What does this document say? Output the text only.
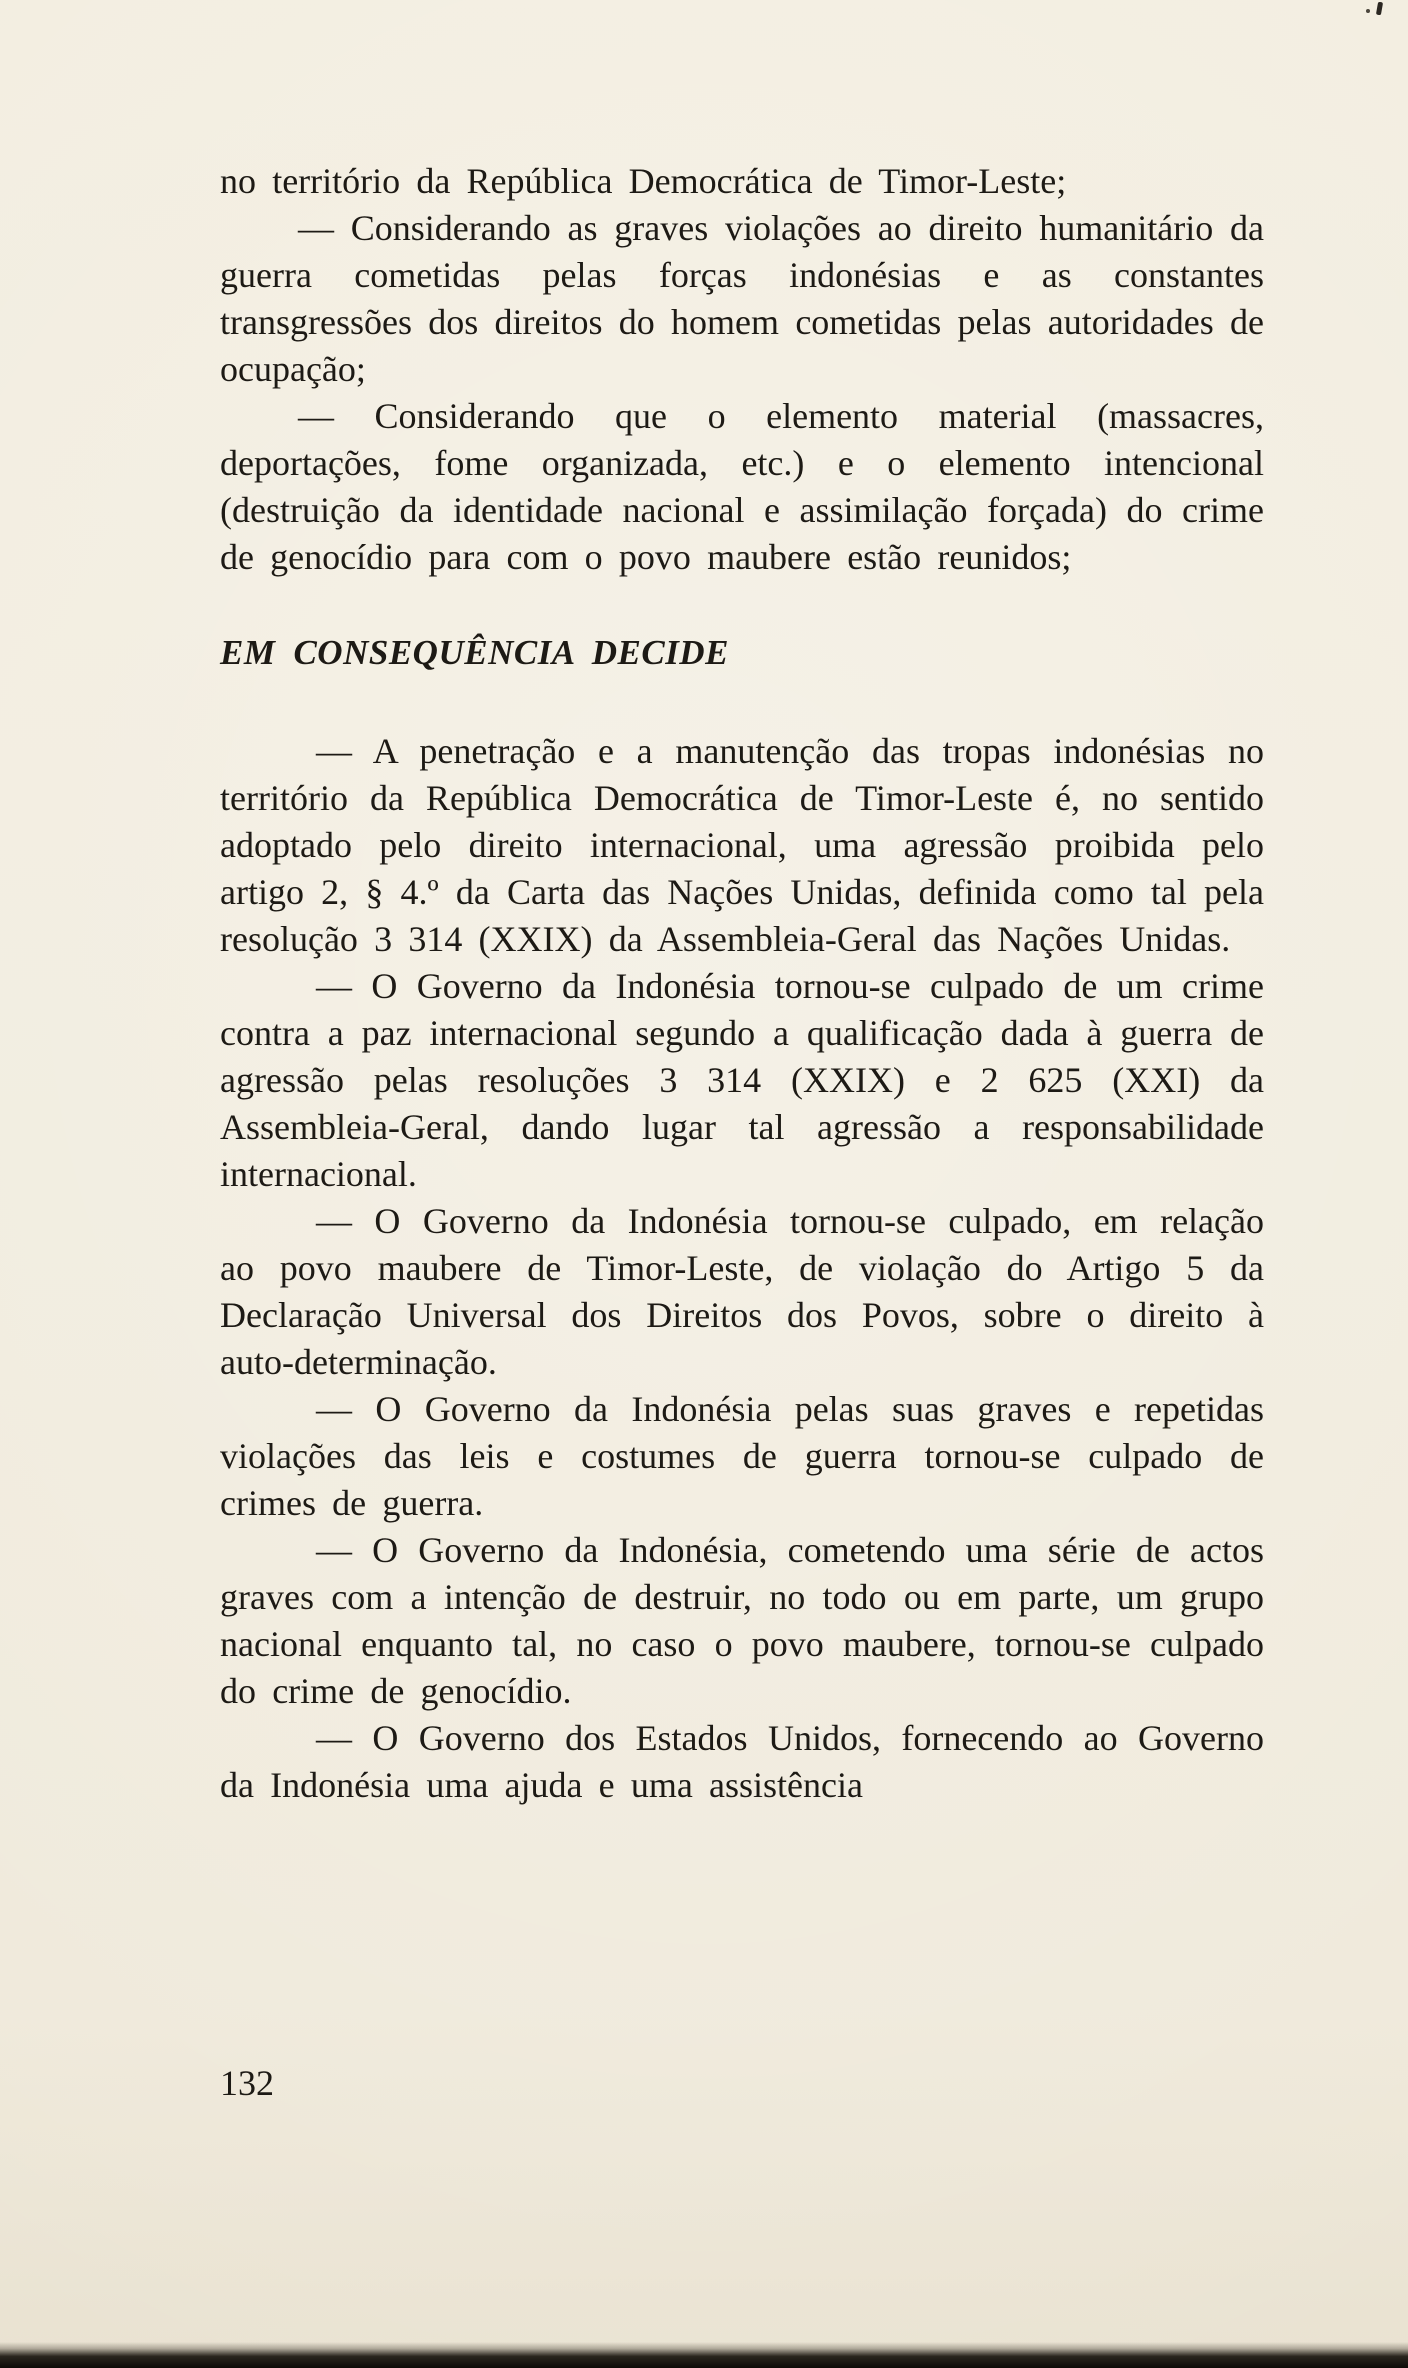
no território da República Democrática de Timor-Leste;

— Considerando as graves violações ao direito humanitário da guerra cometidas pelas forças indonésias e as constantes transgressões dos direitos do homem cometidas pelas autoridades de ocupação;

— Considerando que o elemento material (massacres, deportações, fome organizada, etc.) e o elemento intencional (destruição da identidade nacional e assimilação forçada) do crime de genocídio para com o povo maubere estão reunidos;

EM CONSEQUÊNCIA DECIDE

— A penetração e a manutenção das tropas indonésias no território da República Democrática de Timor-Leste é, no sentido adoptado pelo direito internacional, uma agressão proibida pelo artigo 2, § 4.º da Carta das Nações Unidas, definida como tal pela resolução 3 314 (XXIX) da Assembleia-Geral das Nações Unidas.

— O Governo da Indonésia tornou-se culpado de um crime contra a paz internacional segundo a qualificação dada à guerra de agressão pelas resoluções 3 314 (XXIX) e 2 625 (XXI) da Assembleia-Geral, dando lugar tal agressão a responsabilidade internacional.

— O Governo da Indonésia tornou-se culpado, em relação ao povo maubere de Timor-Leste, de violação do Artigo 5 da Declaração Universal dos Direitos dos Povos, sobre o direito à auto-determinação.

— O Governo da Indonésia pelas suas graves e repetidas violações das leis e costumes de guerra tornou-se culpado de crimes de guerra.

— O Governo da Indonésia, cometendo uma série de actos graves com a intenção de destruir, no todo ou em parte, um grupo nacional enquanto tal, no caso o povo maubere, tornou-se culpado do crime de genocídio.

— O Governo dos Estados Unidos, fornecendo ao Governo da Indonésia uma ajuda e uma assistência

132
